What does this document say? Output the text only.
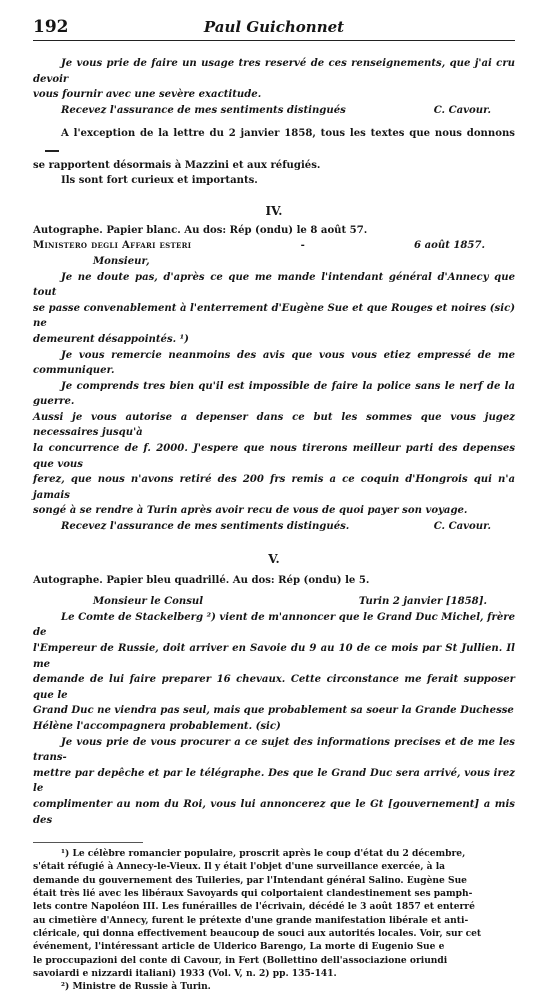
192	Paul Guichonnet

Je vous prie de faire un usage tres reservé de ces renseignements, que j'ai cru devoir

vous fournir avec une sevère exactitude.

Recevez l'assurance de mes sentiments distingués	C. Cavour.

A l'exception de la lettre du 2 janvier 1858, tous les textes que nous donnons

se rapportent désormais à Mazzini et aux réfugiés.

Ils sont fort curieux et importants.

IV.

Autographe. Papier blanc. Au dos: Rép (ondu) le 8 août 57.

Ministero degli Affari esteri	-	6 août 1857.

Monsieur,

Je ne doute pas, d'après ce que me mande l'intendant général d'Annecy que tout

se passe convenablement à l'enterrement d'Eugène Sue et que Rouges et noires (sic) ne

demeurent désappointés. ¹)

Je vous remercie neanmoins des avis que vous vous etiez empressé de me communiquer.

Je comprends tres bien qu'il est impossible de faire la police sans le nerf de la guerre.

Aussi je vous autorise a depenser dans ce but les sommes que vous jugez necessaires jusqu'à

la concurrence de f. 2000. J'espere que nous tirerons meilleur parti des depenses que vous

ferez, que nous n'avons retiré des 200 frs remis a ce coquin d'Hongrois qui n'a jamais

songé à se rendre à Turin après avoir recu de vous de quoi payer son voyage.

Recevez l'assurance de mes sentiments distingués.	C. Cavour.
V.

Autographe. Papier bleu quadrillé. Au dos: Rép (ondu) le 5.

Monsieur le Consul	Turin 2 janvier [1858].

Le Comte de Stackelberg ²) vient de m'annoncer que le Grand Duc Michel, frère de

l'Empereur de Russie, doit arriver en Savoie du 9 au 10 de ce mois par St Jullien. Il me

demande de lui faire preparer 16 chevaux. Cette circonstance me ferait supposer que le

Grand Duc ne viendra pas seul, mais que probablement sa soeur la Grande Duchesse

Hélène l'accompagnera probablement. (sic)

Je vous prie de vous procurer a ce sujet des informations precises et de me les trans-

mettre par depêche et par le télégraphe. Des que le Grand Duc sera arrivé, vous irez le

complimenter au nom du Roi, vous lui annoncerez que le Gt [gouvernement] a mis des

¹) Le célèbre romancier populaire, proscrit après le coup d'état du 2 décembre,

s'était réfugié à Annecy-le-Vieux. Il y était l'objet d'une surveillance exercée, à la

demande du gouvernement des Tuileries, par l'Intendant général Salino. Eugène Sue

était très lié avec les libéraux Savoyards qui colportaient clandestinement ses pamph-

lets contre Napoléon III. Les funérailles de l'écrivain, décédé le 3 août 1857 et enterré

au cimetière d'Annecy, furent le prétexte d'une grande manifestation libérale et anti-

cléricale, qui donna effectivement beaucoup de souci aux autorités locales. Voir, sur cet

événement, l'intéressant article de Ulderico Barengo, La morte di Eugenio Sue e

le proccupazioni del conte di Cavour, in Fert (Bollettino dell'associazione oriundi

savoiardi e nizzardi italiani) 1933 (Vol. V, n. 2) pp. 135-141.

²) Ministre de Russie à Turin.
